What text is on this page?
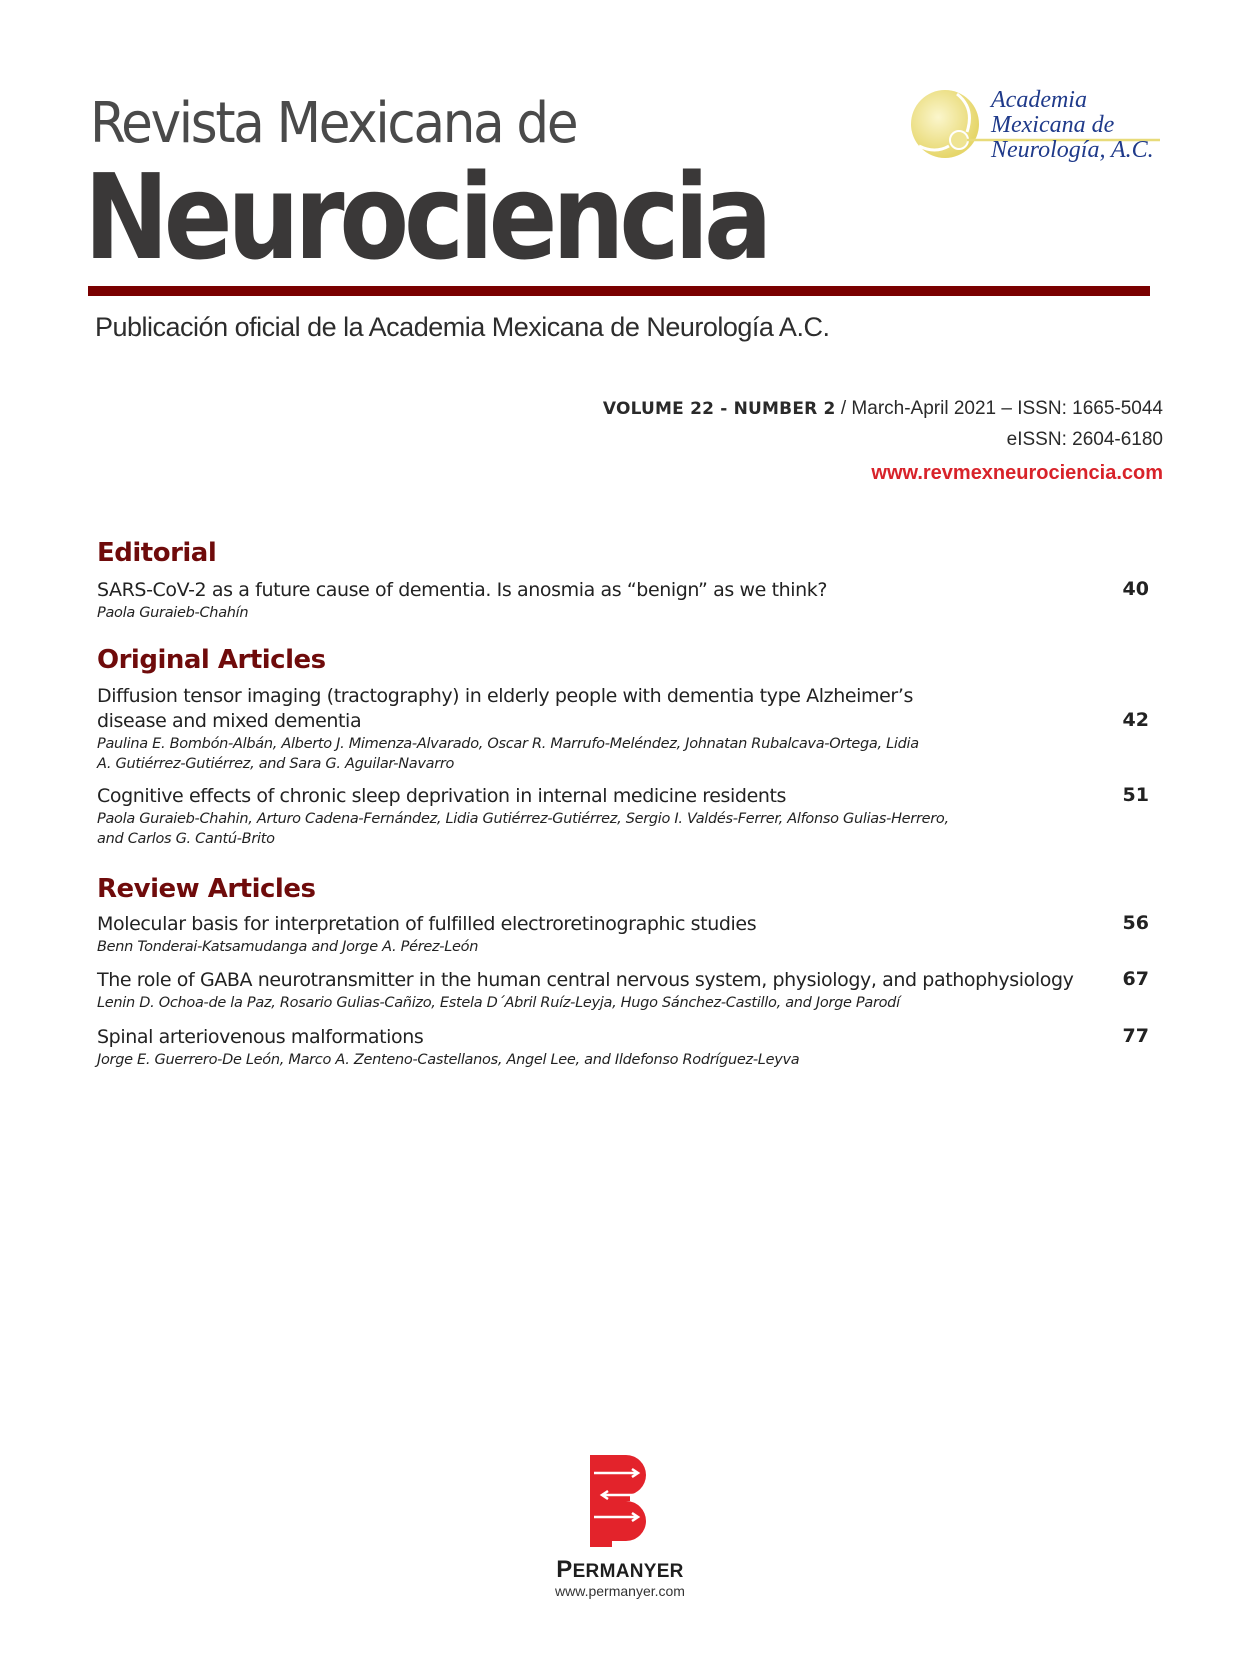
Revista Mexicana de
Neurociencia
Publicación oficial de la Academia Mexicana de Neurología A.C.
Academia
Mexicana de
Neurología, A.C.
VOLUME 22 - NUMBER 2 / March-April 2021 – ISSN: 1665-5044
eISSN: 2604-6180
www.revmexneurociencia.com
Editorial
SARS-CoV-2 as a future cause of dementia. Is anosmia as “benign” as we think?	40
Paola Guraieb-Chahín
Original Articles
Diffusion tensor imaging (tractography) in elderly people with dementia type Alzheimer’s disease and mixed dementia	42
Paulina E. Bombón-Albán, Alberto J. Mimenza-Alvarado, Oscar R. Marrufo-Meléndez, Johnatan Rubalcava-Ortega, Lidia A. Gutiérrez-Gutiérrez, and Sara G. Aguilar-Navarro
Cognitive effects of chronic sleep deprivation in internal medicine residents	51
Paola Guraieb-Chahin, Arturo Cadena-Fernández, Lidia Gutiérrez-Gutiérrez, Sergio I. Valdés-Ferrer, Alfonso Gulias-Herrero, and Carlos G. Cantú-Brito
Review Articles
Molecular basis for interpretation of fulfilled electroretinographic studies	56
Benn Tonderai-Katsamudanga and Jorge A. Pérez-León
The role of GABA neurotransmitter in the human central nervous system, physiology, and pathophysiology	67
Lenin D. Ochoa-de la Paz, Rosario Gulias-Cañizo, Estela D´Abril Ruíz-Leyja, Hugo Sánchez-Castillo, and Jorge Parodí
Spinal arteriovenous malformations	77
Jorge E. Guerrero-De León, Marco A. Zenteno-Castellanos, Angel Lee, and Ildefonso Rodríguez-Leyva
PERMANYER
www.permanyer.com
